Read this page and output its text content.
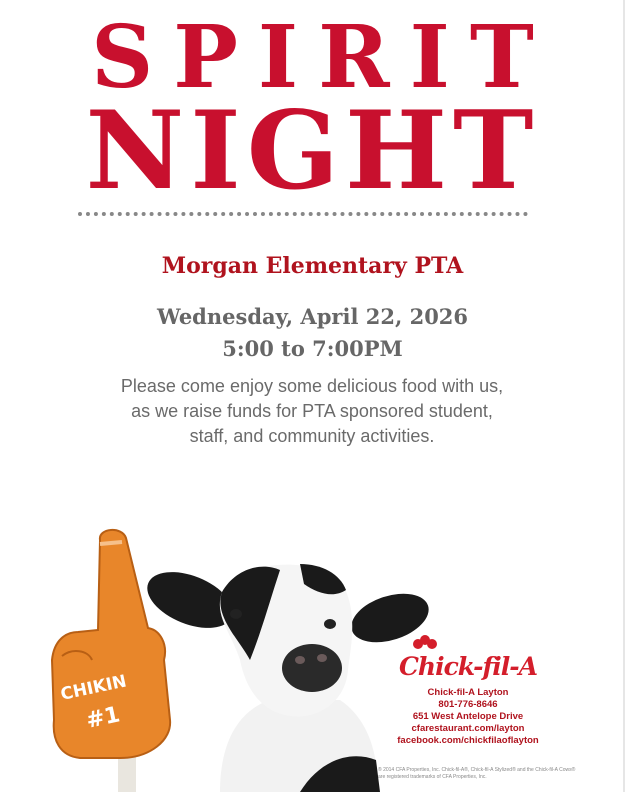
SPIRIT
NIGHT
Morgan Elementary PTA
Wednesday, April 22, 2026
5:00 to 7:00PM
Please come enjoy some delicious food with us,
as we raise funds for PTA sponsored student,
staff, and community activities.
CHIKIN
#1
Chick-fil-A
Chick-fil-A Layton
801-776-8646
651 West Antelope Drive
cfarestaurant.com/layton
facebook.com/chickfilaoflayton
® 2014 CFA Properties, Inc. Chick-fil-A®, Chick-fil-A Stylized® and the Chick-fil-A Cows® are registered trademarks of CFA Properties, Inc.
